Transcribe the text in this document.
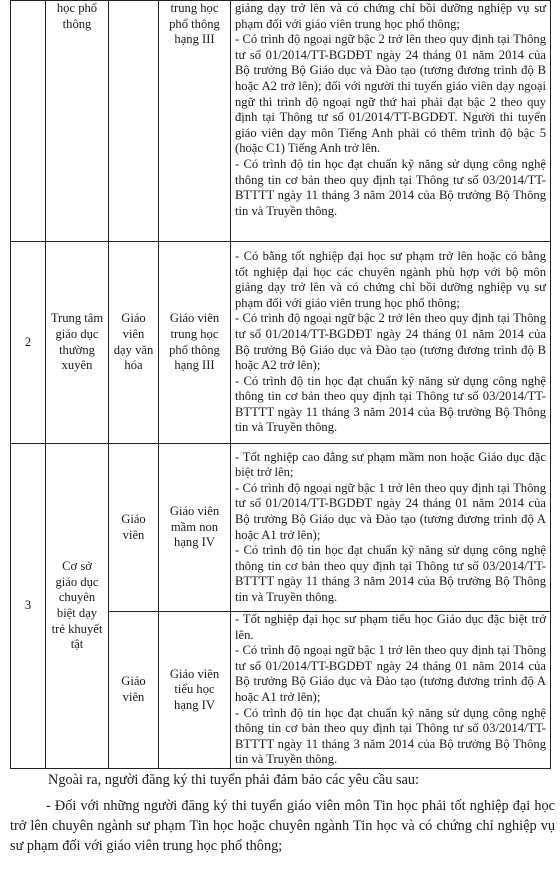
	học phổ thông		trung học phổ thông hạng III	giảng dạy trở lên và có chứng chỉ bồi dưỡng nghiệp vụ sư phạm đối với giáo viên trung học phổ thông;
- Có trình độ ngoại ngữ bậc 2 trở lên theo quy định tại Thông tư số 01/2014/TT-BGDĐT ngày 24 tháng 01 năm 2014 của Bộ trưởng Bộ Giáo dục và Đào tạo (tương đương trình độ B hoặc A2 trở lên); đối với người thi tuyển giáo viên dạy ngoại ngữ thì trình độ ngoại ngữ thứ hai phải đạt bậc 2 theo quy định tại Thông tư số 01/2014/TT-BGDĐT. Người thi tuyển giáo viên dạy môn Tiếng Anh phải có thêm trình độ bậc 5 (hoặc C1) Tiếng Anh trở lên.
- Có trình độ tin học đạt chuẩn kỹ năng sử dụng công nghệ thông tin cơ bản theo quy định tại Thông tư số 03/2014/TT-BTTTT ngày 11 tháng 3 năm 2014 của Bộ trưởng Bộ Thông tin và Truyền thông.

2	Trung tâm giáo dục thường xuyên	Giáo viên dạy văn hóa	Giáo viên trung học phổ thông hạng III	- Có bằng tốt nghiệp đại học sư phạm trở lên hoặc có bằng tốt nghiệp đại học các chuyên ngành phù hợp với bộ môn giảng dạy trở lên và có chứng chỉ bồi dưỡng nghiệp vụ sư phạm đối với giáo viên trung học phổ thông;
- Có trình độ ngoại ngữ bậc 2 trở lên theo quy định tại Thông tư số 01/2014/TT-BGDĐT ngày 24 tháng 01 năm 2014 của Bộ trưởng Bộ Giáo dục và Đào tạo (tương đương trình độ B hoặc A2 trở lên);
- Có trình độ tin học đạt chuẩn kỹ năng sử dụng công nghệ thông tin cơ bản theo quy định tại Thông tư số 03/2014/TT-BTTTT ngày 11 tháng 3 năm 2014 của Bộ trưởng Bộ Thông tin và Truyền thông.

3	Cơ sở giáo dục chuyên biệt dạy trẻ khuyết tật	Giáo viên	Giáo viên mầm non hạng IV	- Tốt nghiệp cao đẳng sư phạm mầm non hoặc Giáo dục đặc biệt trở lên;
- Có trình độ ngoại ngữ bậc 1 trở lên theo quy định tại Thông tư số 01/2014/TT-BGDĐT ngày 24 tháng 01 năm 2014 của Bộ trưởng Bộ Giáo dục và Đào tạo (tương đương trình độ A hoặc A1 trở lên);
- Có trình độ tin học đạt chuẩn kỹ năng sử dụng công nghệ thông tin cơ bản theo quy định tại Thông tư số 03/2014/TT-BTTTT ngày 11 tháng 3 năm 2014 của Bộ trưởng Bộ Thông tin và Truyền thông.

		Giáo viên	Giáo viên tiểu học hạng IV	- Tốt nghiệp đại học sư phạm tiểu học Giáo dục đặc biệt trở lên.
- Có trình độ ngoại ngữ bậc 1 trở lên theo quy định tại Thông tư số 01/2014/TT-BGDĐT ngày 24 tháng 01 năm 2014 của Bộ trưởng Bộ Giáo dục và Đào tạo (tương đương trình độ A hoặc A1 trở lên);
- Có trình độ tin học đạt chuẩn kỹ năng sử dụng công nghệ thông tin cơ bản theo quy định tại Thông tư số 03/2014/TT-BTTTT ngày 11 tháng 3 năm 2014 của Bộ trưởng Bộ Thông tin và Truyền thông.

Ngoài ra, người đăng ký thi tuyển phải đảm bảo các yêu cầu sau:

- Đối với những người đăng ký thi tuyển giáo viên môn Tin học phải tốt nghiệp đại học trở lên chuyên ngành sư phạm Tin học hoặc chuyên ngành Tin học và có chứng chỉ nghiệp vụ sư phạm đối với giáo viên trung học phổ thông;
